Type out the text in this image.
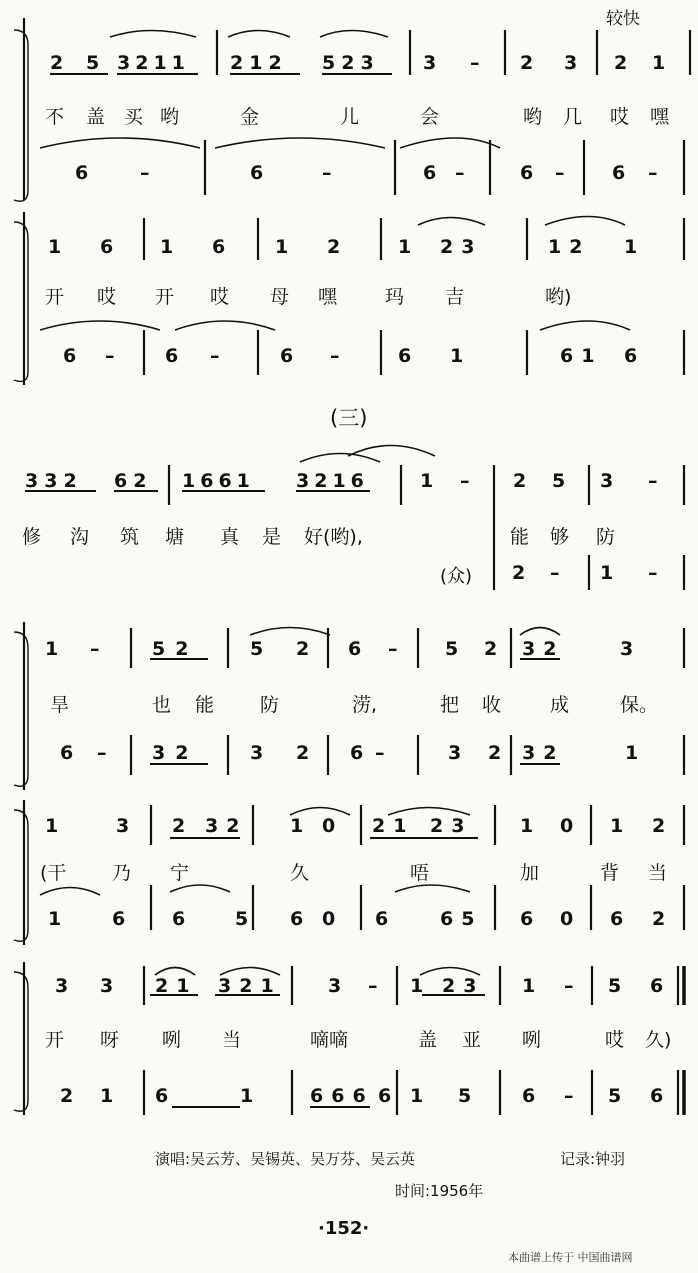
较快
2 5 3211 212 523 3 – 2 3 2 1
不 盖 买 哟	金	儿	会	哟 几 哎 嘿
6	–	6	–	6 –	6 –	6 –
1 6 1 6	1 2	1 23	12 1
开 哎 开 哎 母 嘿	玛 吉	哟)
6 –	6 –	6 –	6 1	61 6
(三)
332 62 1661 3216	1 – 2 5 3 –
修 沟 筑 塘 真 是 好(哟),	能 够 防
(众) 2 – 1 –
1 –	52	5 2 6 –	5 2 32	3
旱	也 能 防	涝,	把 收	成	保。
6 – 32	3 2 6 –	3 2 32	1
1	3 2 32 1 0 21 23	1 0 1 2
(干 乃 宁	久	唔	加	背 当
1	6 6	5 6 0 6	65 6 0 6 2
3 3 21 321 3 – 1 23 1 – 5 6
开 呀 咧 当	嘀嘀	盖 亚 咧	哎 久)
2 1 6	1	666 6 1 5	6 – 5 6
演唱:吴云芳、吴锡英、吴万芬、吴云英	记录:钟羽
时间:1956年
·152·
本曲谱上传于 中国曲谱网
